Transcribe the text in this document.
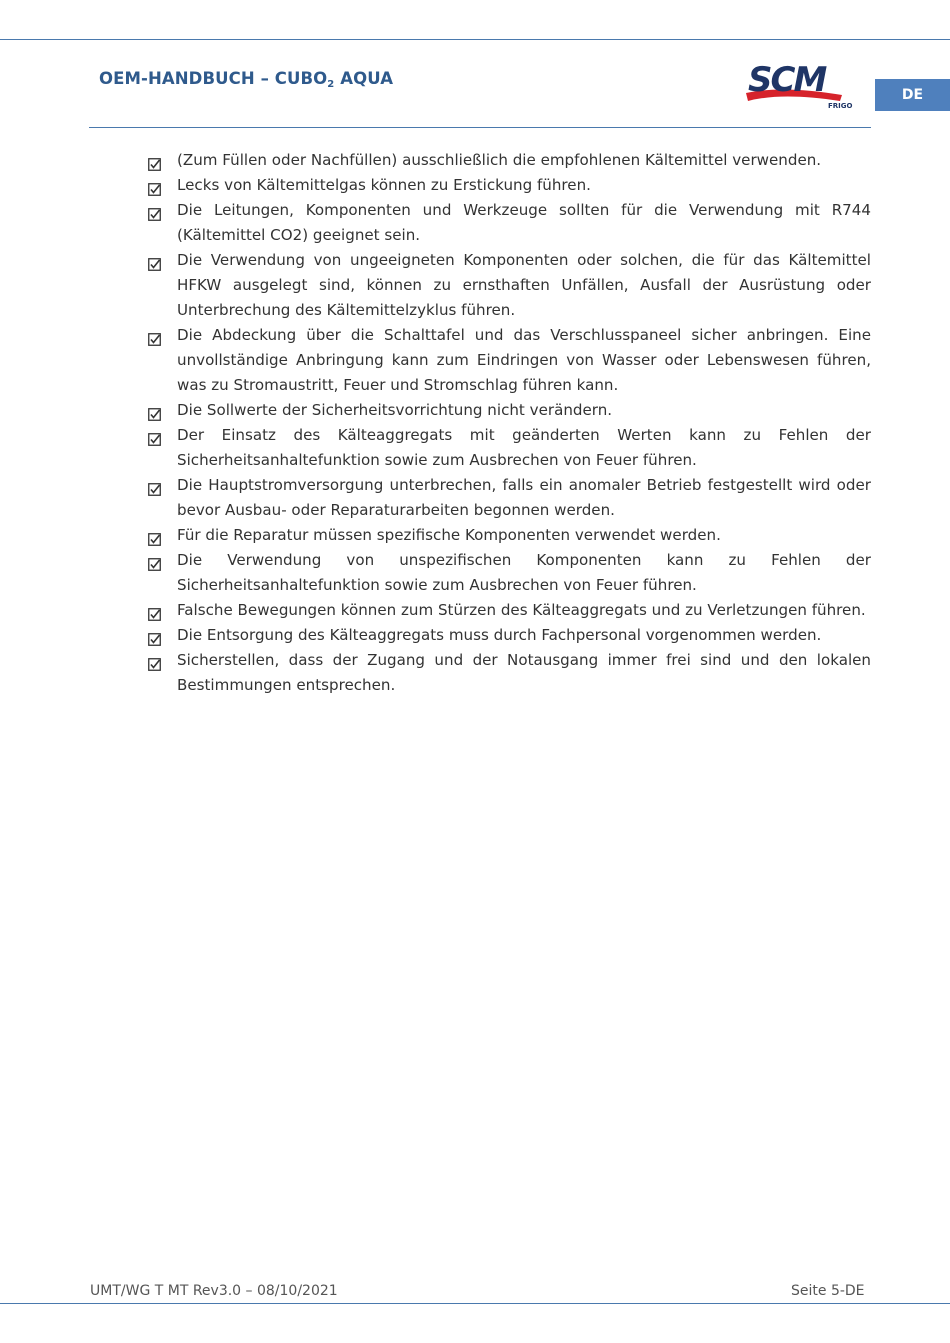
OEM-HANDBUCH – CUBO2 AQUA	SCM
FRIGO
DE
(Zum Füllen oder Nachfüllen) ausschließlich die empfohlenen Kältemittel verwenden.
Lecks von Kältemittelgas können zu Erstickung führen.
Die Leitungen, Komponenten und Werkzeuge sollten für die Verwendung mit R744 (Kältemittel CO2) geeignet sein.
Die Verwendung von ungeeigneten Komponenten oder solchen, die für das Kältemittel HFKW ausgelegt sind, können zu ernsthaften Unfällen, Ausfall der Ausrüstung oder Unterbrechung des Kältemittelzyklus führen.
Die Abdeckung über die Schalttafel und das Verschlusspaneel sicher anbringen. Eine unvollständige Anbringung kann zum Eindringen von Wasser oder Lebenswesen führen, was zu Stromaustritt, Feuer und Stromschlag führen kann.
Die Sollwerte der Sicherheitsvorrichtung nicht verändern.
Der Einsatz des Kälteaggregats mit geänderten Werten kann zu Fehlen der Sicherheitsanhaltefunktion sowie zum Ausbrechen von Feuer führen.
Die Hauptstromversorgung unterbrechen, falls ein anomaler Betrieb festgestellt wird oder bevor Ausbau- oder Reparaturarbeiten begonnen werden.
Für die Reparatur müssen spezifische Komponenten verwendet werden.
Die Verwendung von unspezifischen Komponenten kann zu Fehlen der Sicherheitsanhaltefunktion sowie zum Ausbrechen von Feuer führen.
Falsche Bewegungen können zum Stürzen des Kälteaggregats und zu Verletzungen führen.
Die Entsorgung des Kälteaggregats muss durch Fachpersonal vorgenommen werden.
Sicherstellen, dass der Zugang und der Notausgang immer frei sind und den lokalen Bestimmungen entsprechen.
UMT/WG T MT Rev3.0 – 08/10/2021	Seite 5-DE
